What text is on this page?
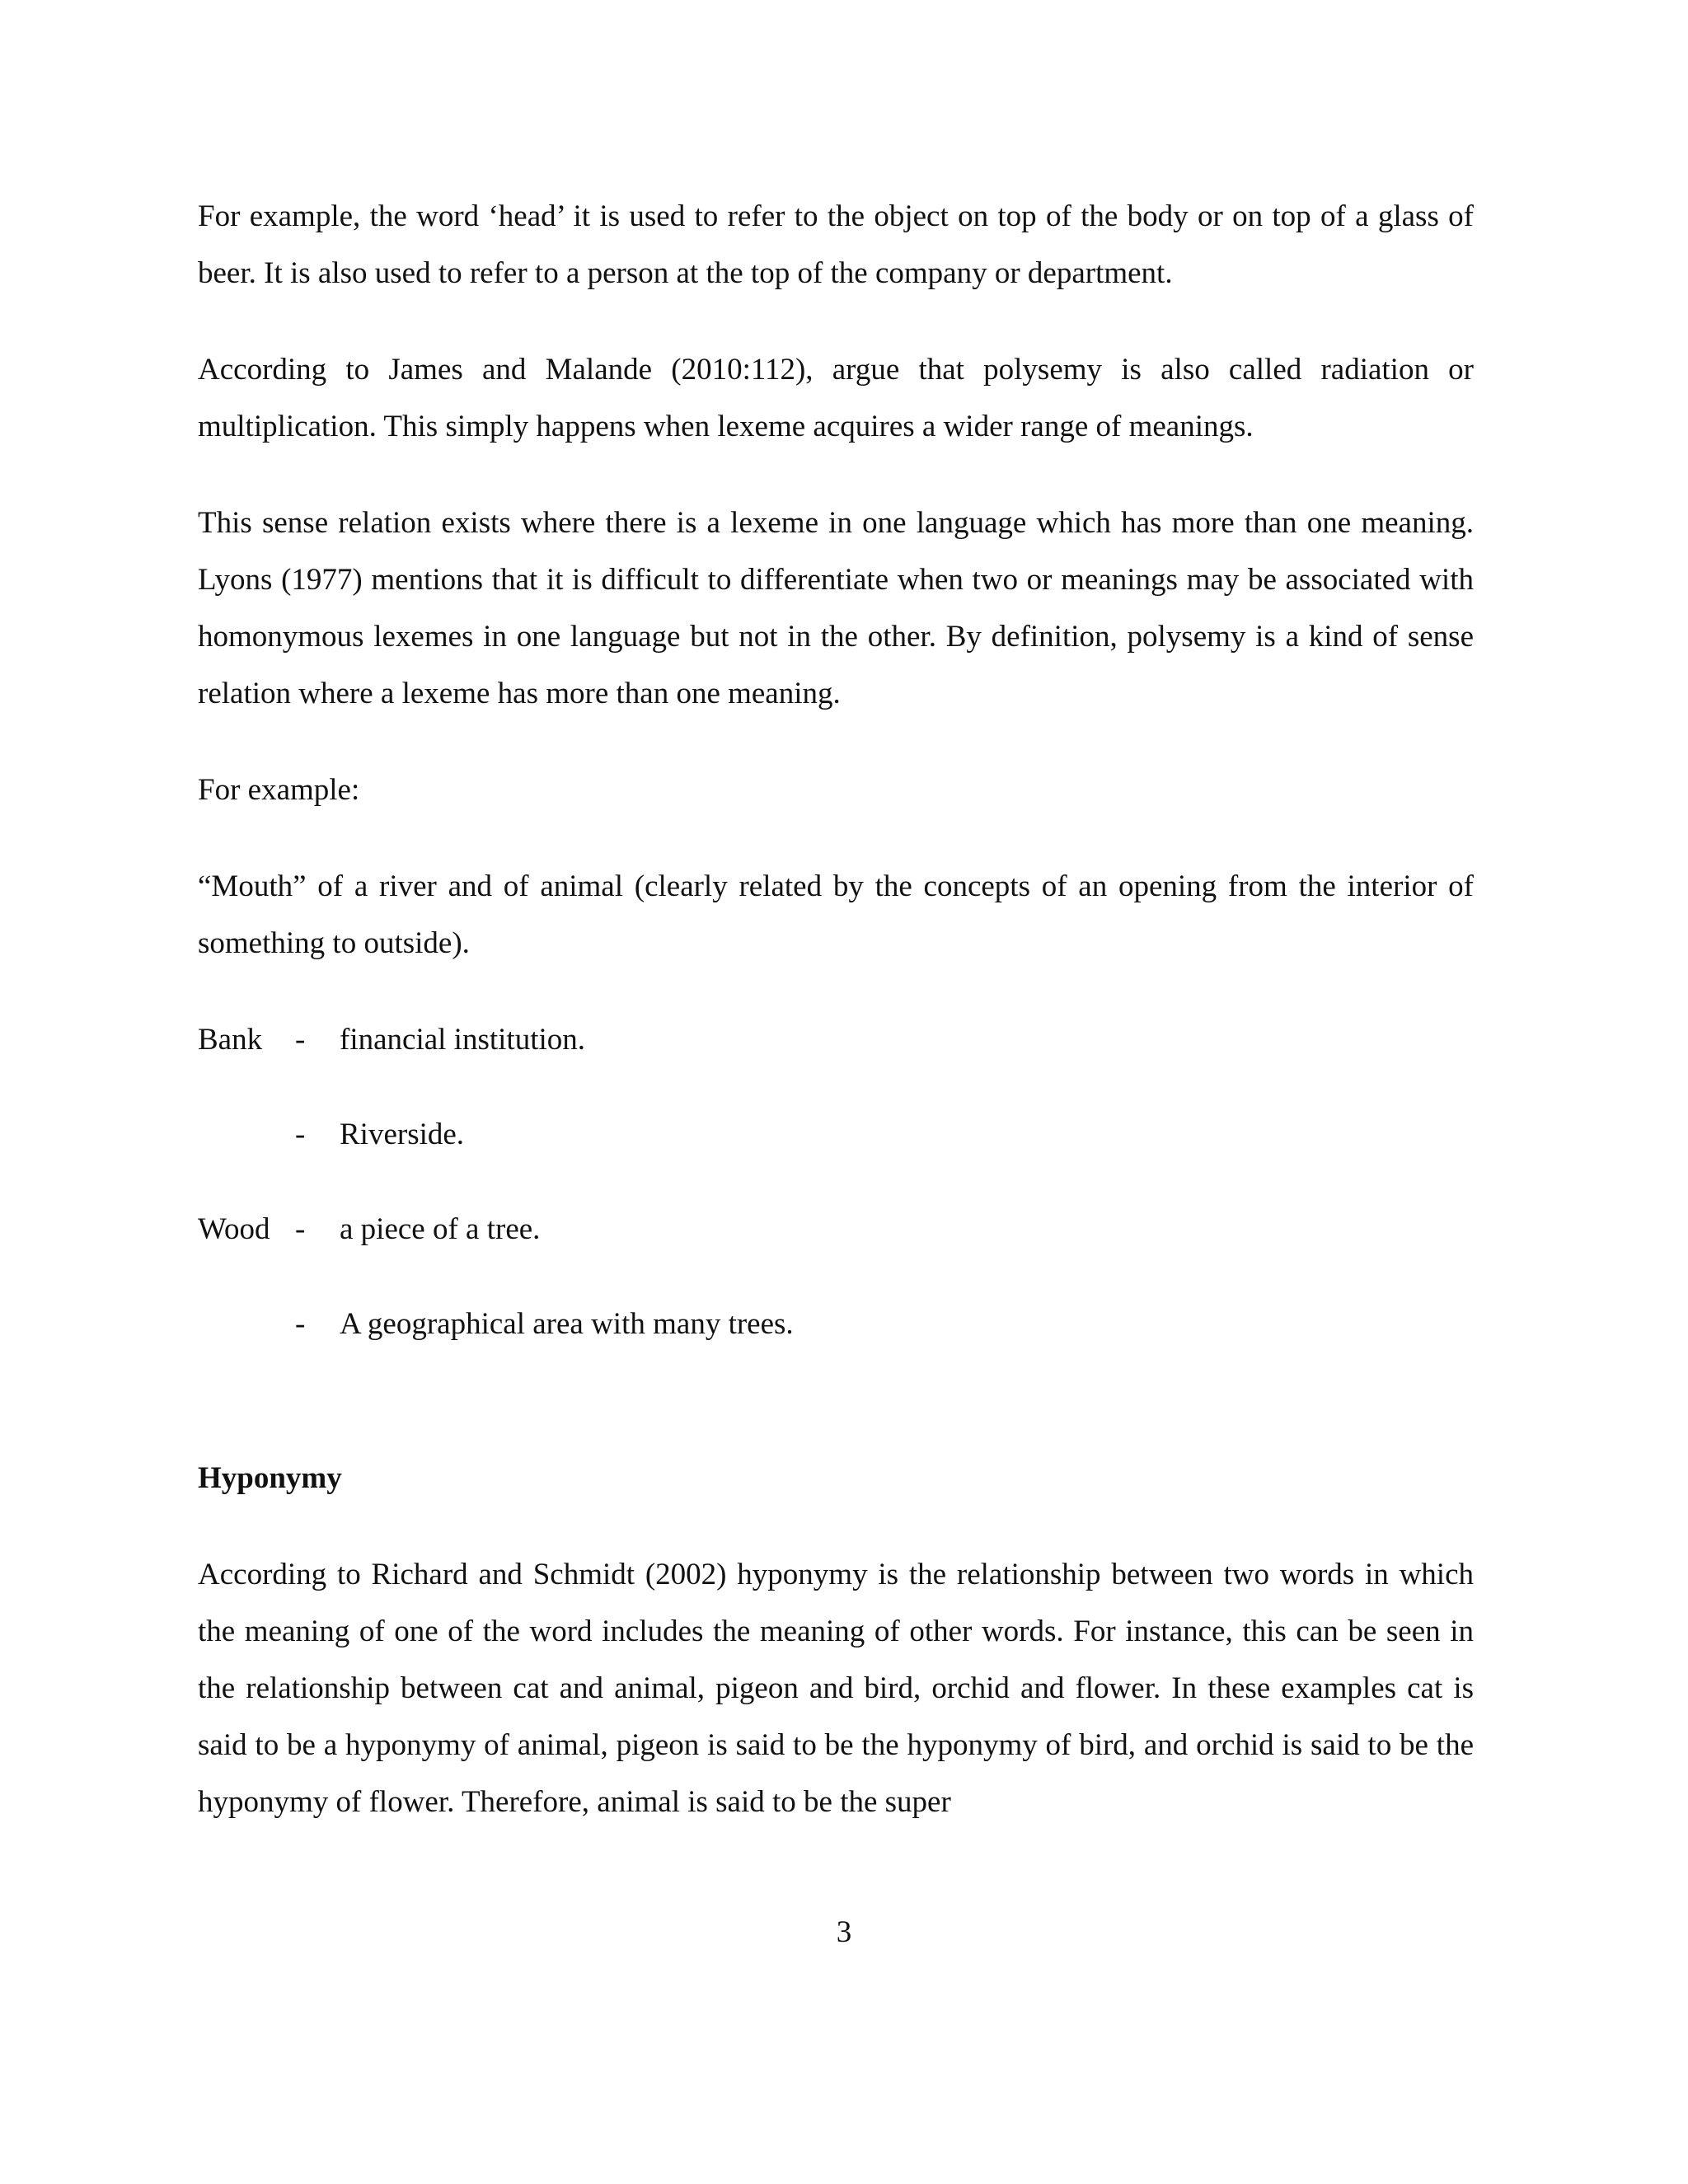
For example, the word ‘head’ it is used to refer to the object on top of the body or on top of a glass of beer. It is also used to refer to a person at the top of the company or department.

According to James and Malande (2010:112), argue that polysemy is also called radiation or multiplication. This simply happens when lexeme acquires a wider range of meanings.

This sense relation exists where there is a lexeme in one language which has more than one meaning. Lyons (1977) mentions that it is difficult to differentiate when two or meanings may be associated with homonymous lexemes in one language but not in the other. By definition, polysemy is a kind of sense relation where a lexeme has more than one meaning.

For example:

“Mouth” of a river and of animal (clearly related by the concepts of an opening from the interior of something to outside).

Bank - financial institution.
- Riverside.
Wood - a piece of a tree.
- A geographical area with many trees.
Hyponymy

According to Richard and Schmidt (2002) hyponymy is the relationship between two words in which the meaning of one of the word includes the meaning of other words. For instance, this can be seen in the relationship between cat and animal, pigeon and bird, orchid and flower. In these examples cat is said to be a hyponymy of animal, pigeon is said to be the hyponymy of bird, and orchid is said to be the hyponymy of flower. Therefore, animal is said to be the super

3
